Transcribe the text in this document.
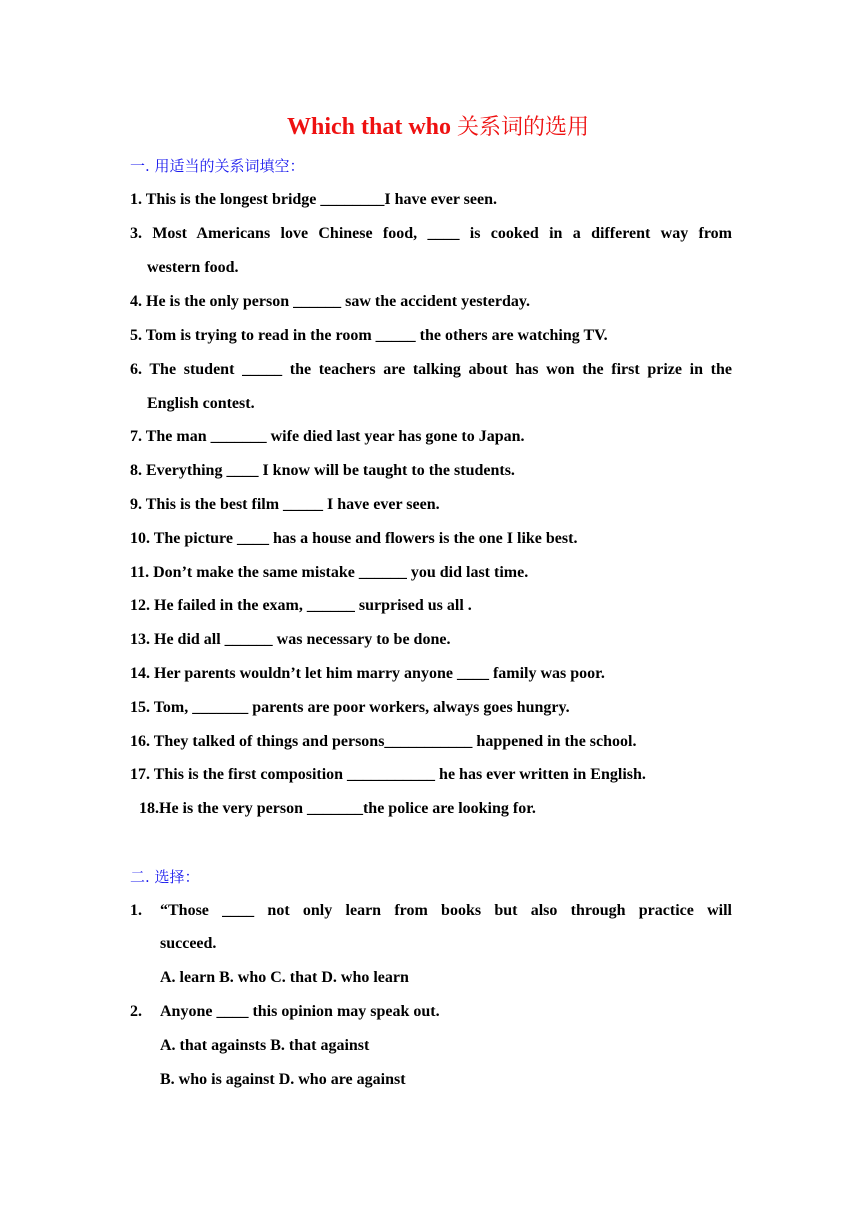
Which that who 关系词的选用
一. 用适当的关系词填空：
1. This is the longest bridge ________I have ever seen.
3. Most Americans love Chinese food, ____ is cooked in a different way from
western food.
4. He is the only person ______ saw the accident yesterday.
5. Tom is trying to read in the room _____ the others are watching TV.
6. The student _____ the teachers are talking about has won the first prize in the
English contest.
7. The man _______ wife died last year has gone to Japan.
8. Everything ____ I know will be taught to the students.
9. This is the best film _____ I have ever seen.
10. The picture ____ has a house and flowers is the one I like best.
11. Don’t make the same mistake ______ you did last time.
12. He failed in the exam, ______ surprised us all .
13. He did all ______ was necessary to be done.
14. Her parents wouldn’t let him marry anyone ____ family was poor.
15. Tom, _______ parents are poor workers, always goes hungry.
16. They talked of things and persons___________ happened in the school.
17. This is the first composition ___________ he has ever written in English.
18.He is the very person _______the police are looking for.
二. 选择：
1. “Those ____ not only learn from books but also through practice will
succeed.
A. learn B. who C. that D. who learn
2. Anyone ____ this opinion may speak out.
A. that againsts B. that against
B. who is against D. who are against
